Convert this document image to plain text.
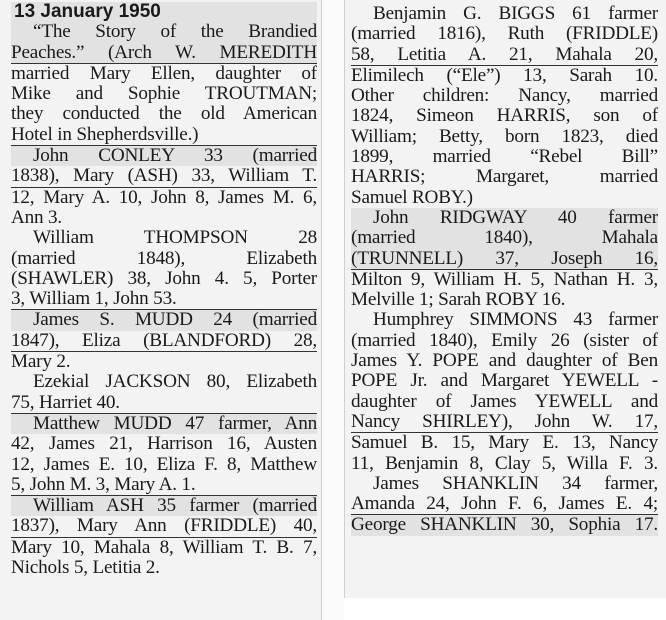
13 January 1950
“The Story of the Brandied
Peaches.” (Arch W. MEREDITH
married Mary Ellen, daughter of
Mike and Sophie TROUTMAN;
they conducted the old American
Hotel in Shepherdsville.)
John CONLEY 33 (married
1838), Mary (ASH) 33, William T.
12, Mary A. 10, John 8, James M. 6,
Ann 3.
William THOMPSON 28
(married 1848), Elizabeth
(SHAWLER) 38, John 4. 5, Porter
3, William 1, John 53.
James S. MUDD 24 (married
1847), Eliza (BLANDFORD) 28,
Mary 2.
Ezekial JACKSON 80, Elizabeth
75, Harriet 40.
Matthew MUDD 47 farmer, Ann
42, James 21, Harrison 16, Austen
12, James E. 10, Eliza F. 8, Matthew
5, John M. 3, Mary A. 1.
William ASH 35 farmer (married
1837), Mary Ann (FRIDDLE) 40,
Mary 10, Mahala 8, William T. B. 7,
Nichols 5, Letitia 2.
Benjamin G. BIGGS 61 farmer
(married 1816), Ruth (FRIDDLE)
58, Letitia A. 21, Mahala 20,
Elimilech (“Ele”) 13, Sarah 10.
Other children: Nancy, married
1824, Simeon HARRIS, son of
William; Betty, born 1823, died
1899, married “Rebel Bill”
HARRIS; Margaret, married
Samuel ROBY.)
John RIDGWAY 40 farmer
(married 1840), Mahala
(TRUNNELL) 37, Joseph 16,
Milton 9, William H. 5, Nathan H. 3,
Melville 1; Sarah ROBY 16.
Humphrey SIMMONS 43 farmer
(married 1840), Emily 26 (sister of
James Y. POPE and daughter of Ben
POPE Jr. and Margaret YEWELL -
daughter of James YEWELL and
Nancy SHIRLEY), John W. 17,
Samuel B. 15, Mary E. 13, Nancy
11, Benjamin 8, Clay 5, Willa F. 3.
James SHANKLIN 34 farmer,
Amanda 24, John F. 6, James E. 4;
George SHANKLIN 30, Sophia 17.
